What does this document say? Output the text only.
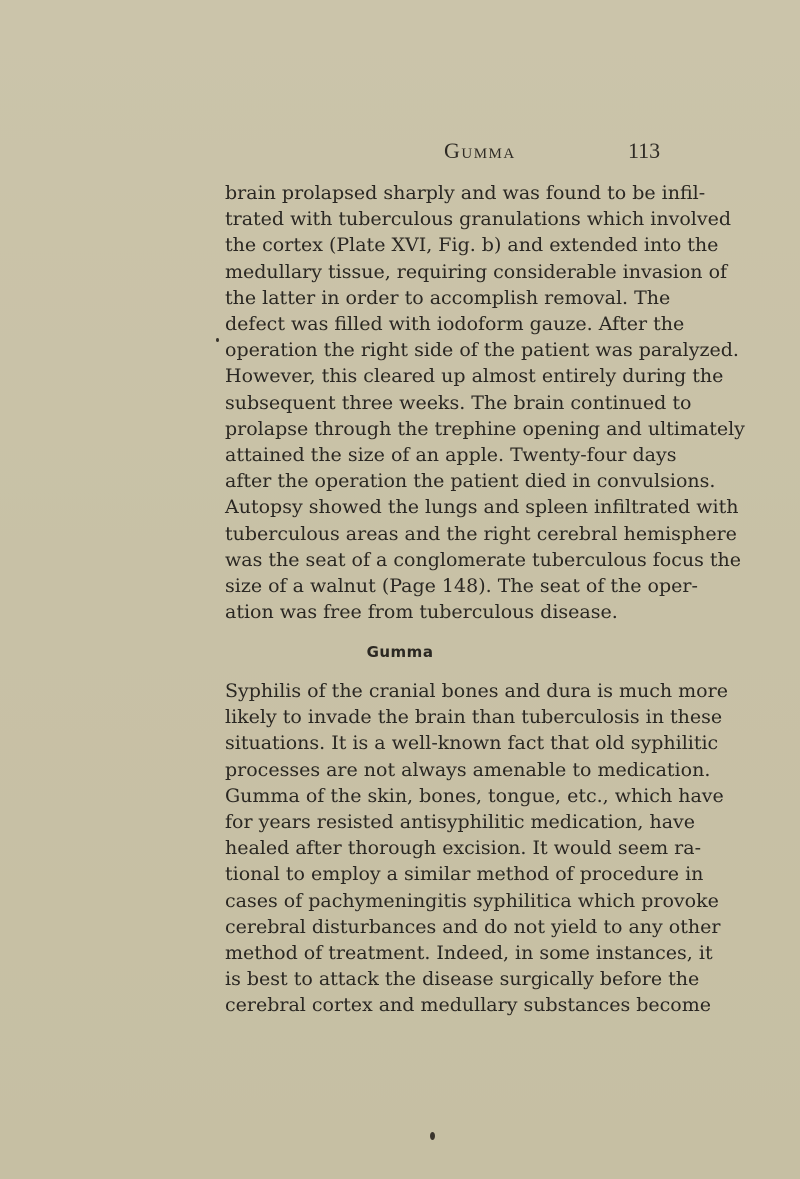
Gumma	113
brain prolapsed sharply and was found to be infil-
trated with tuberculous granulations which involved
the cortex (Plate XVI, Fig. b) and extended into the
medullary tissue, requiring considerable invasion of
the latter in order to accomplish removal. The
defect was filled with iodoform gauze. After the
operation the right side of the patient was paralyzed.
However, this cleared up almost entirely during the
subsequent three weeks. The brain continued to
prolapse through the trephine opening and ultimately
attained the size of an apple. Twenty-four days
after the operation the patient died in convulsions.
Autopsy showed the lungs and spleen infiltrated with
tuberculous areas and the right cerebral hemisphere
was the seat of a conglomerate tuberculous focus the
size of a walnut (Page 148). The seat of the oper-
ation was free from tuberculous disease.
Gumma
Syphilis of the cranial bones and dura is much more
likely to invade the brain than tuberculosis in these
situations. It is a well-known fact that old syphilitic
processes are not always amenable to medication.
Gumma of the skin, bones, tongue, etc., which have
for years resisted antisyphilitic medication, have
healed after thorough excision. It would seem ra-
tional to employ a similar method of procedure in
cases of pachymeningitis syphilitica which provoke
cerebral disturbances and do not yield to any other
method of treatment. Indeed, in some instances, it
is best to attack the disease surgically before the
cerebral cortex and medullary substances become
